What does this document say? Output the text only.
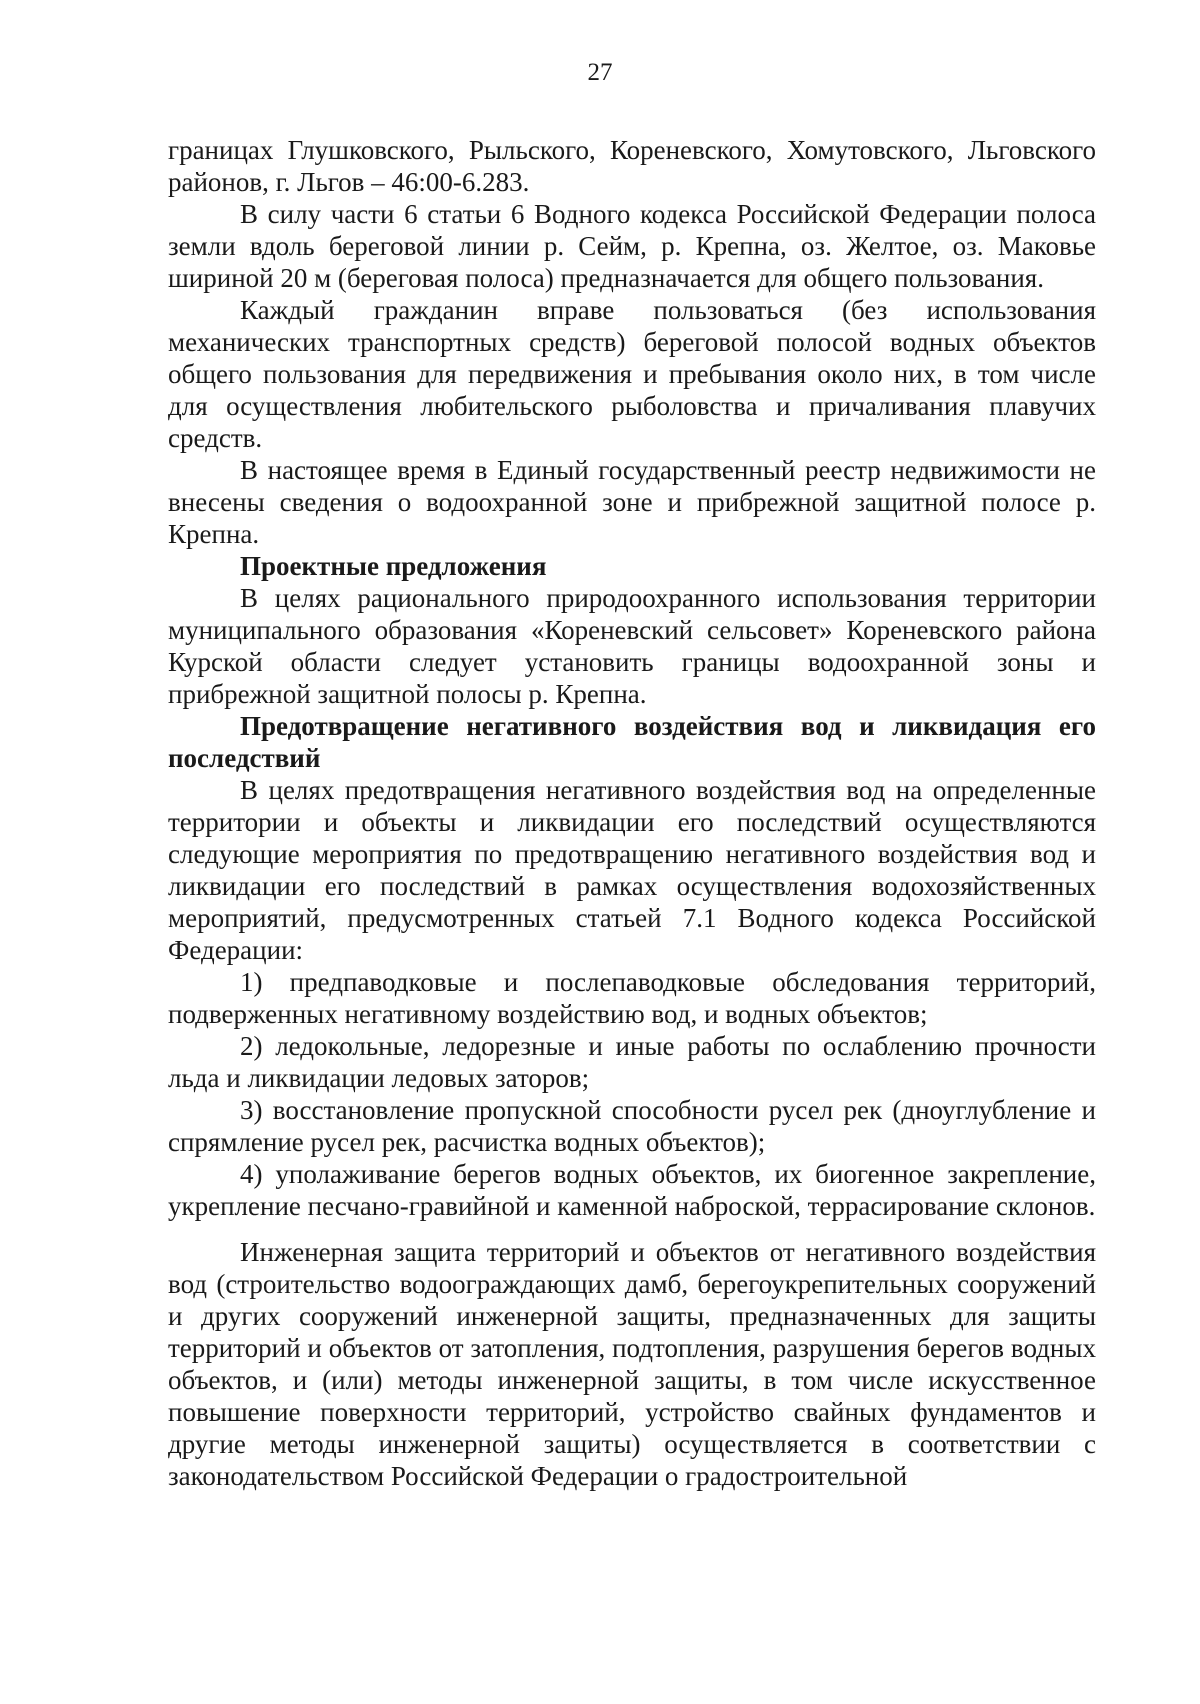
27

границах Глушковского, Рыльского, Кореневского, Хомутовского, Льговского районов, г. Льгов – 46:00-6.283.

В силу части 6 статьи 6 Водного кодекса Российской Федерации полоса земли вдоль береговой линии р. Сейм, р. Крепна, оз. Желтое, оз. Маковье шириной 20 м (береговая полоса) предназначается для общего пользования.

Каждый гражданин вправе пользоваться (без использования механических транспортных средств) береговой полосой водных объектов общего пользования для передвижения и пребывания около них, в том числе для осуществления любительского рыболовства и причаливания плавучих средств.

В настоящее время в Единый государственный реестр недвижимости не внесены сведения о водоохранной зоне и прибрежной защитной полосе р. Крепна.

Проектные предложения

В целях рационального природоохранного использования территории муниципального образования «Кореневский сельсовет» Кореневского района Курской области следует установить границы водоохранной зоны и прибрежной защитной полосы р. Крепна.

Предотвращение негативного воздействия вод и ликвидация его последствий

В целях предотвращения негативного воздействия вод на определенные территории и объекты и ликвидации его последствий осуществляются следующие мероприятия по предотвращению негативного воздействия вод и ликвидации его последствий в рамках осуществления водохозяйственных мероприятий, предусмотренных статьей 7.1 Водного кодекса Российской Федерации:

1) предпаводковые и послепаводковые обследования территорий, подверженных негативному воздействию вод, и водных объектов;

2) ледокольные, ледорезные и иные работы по ослаблению прочности льда и ликвидации ледовых заторов;

3) восстановление пропускной способности русел рек (дноуглубление и спрямление русел рек, расчистка водных объектов);

4) уполаживание берегов водных объектов, их биогенное закрепление, укрепление песчано-гравийной и каменной наброской, террасирование склонов.

Инженерная защита территорий и объектов от негативного воздействия вод (строительство водоограждающих дамб, берегоукрепительных сооружений и других сооружений инженерной защиты, предназначенных для защиты территорий и объектов от затопления, подтопления, разрушения берегов водных объектов, и (или) методы инженерной защиты, в том числе искусственное повышение поверхности территорий, устройство свайных фундаментов и другие методы инженерной защиты) осуществляется в соответствии с законодательством Российской Федерации о градостроительной
